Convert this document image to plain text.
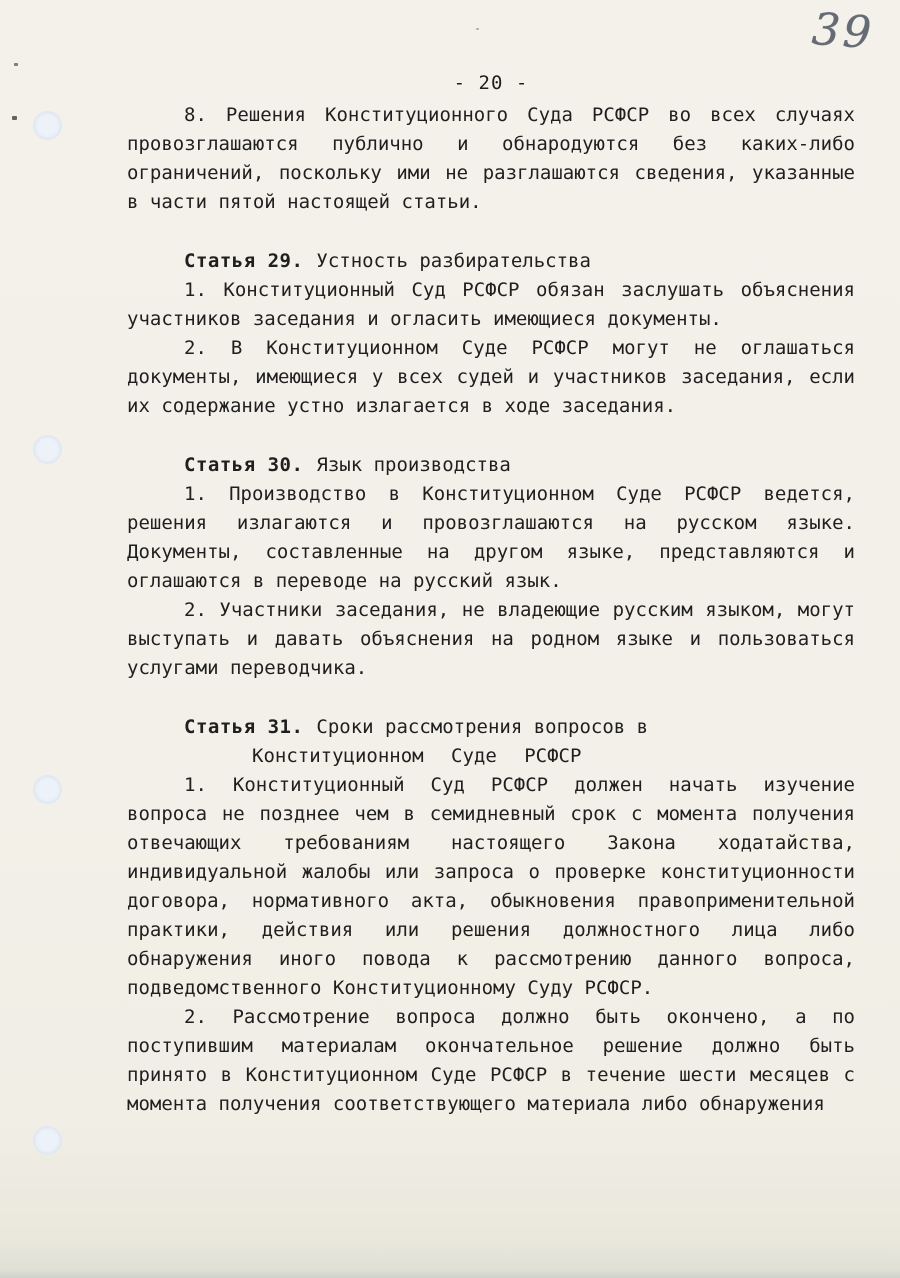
39
- 20 -

8. Решения Конституционного Суда РСФСР во всех случаях провозглашаются публично и обнародуются без каких-либо ограничений, поскольку ими не разглашаются сведения, указанные в части пятой настоящей статьи.

Статья 29. Устность разбирательства

1. Конституционный Суд РСФСР обязан заслушать объяснения участников заседания и огласить имеющиеся документы.

2. В Конституционном Суде РСФСР могут не оглашаться документы, имеющиеся у всех судей и участников заседания, если их содержание устно излагается в ходе заседания.

Статья 30. Язык производства

1. Производство в Конституционном Суде РСФСР ведется, решения излагаются и провозглашаются на русском языке. Документы, составленные на другом языке, представляются и оглашаются в переводе на русский язык.

2. Участники заседания, не владеющие русским языком, могут выступать и давать объяснения на родном языке и пользоваться услугами переводчика.

Статья 31. Сроки рассмотрения вопросов в

Конституционном Суде РСФСР

1. Конституционный Суд РСФСР должен начать изучение вопроса не позднее чем в семидневный срок с момента получения отвечающих требованиям настоящего Закона ходатайства, индивидуальной жалобы или запроса о проверке конституционности договора, нормативного акта, обыкновения правоприменительной практики, действия или решения должностного лица либо обнаружения иного повода к рассмотрению данного вопроса, подведомственного Конституционному Суду РСФСР.

2. Рассмотрение вопроса должно быть окончено, а по поступившим материалам окончательное решение должно быть принято в Конституционном Суде РСФСР в течение шести месяцев с момента получения соответствующего материала либо обнаружения
